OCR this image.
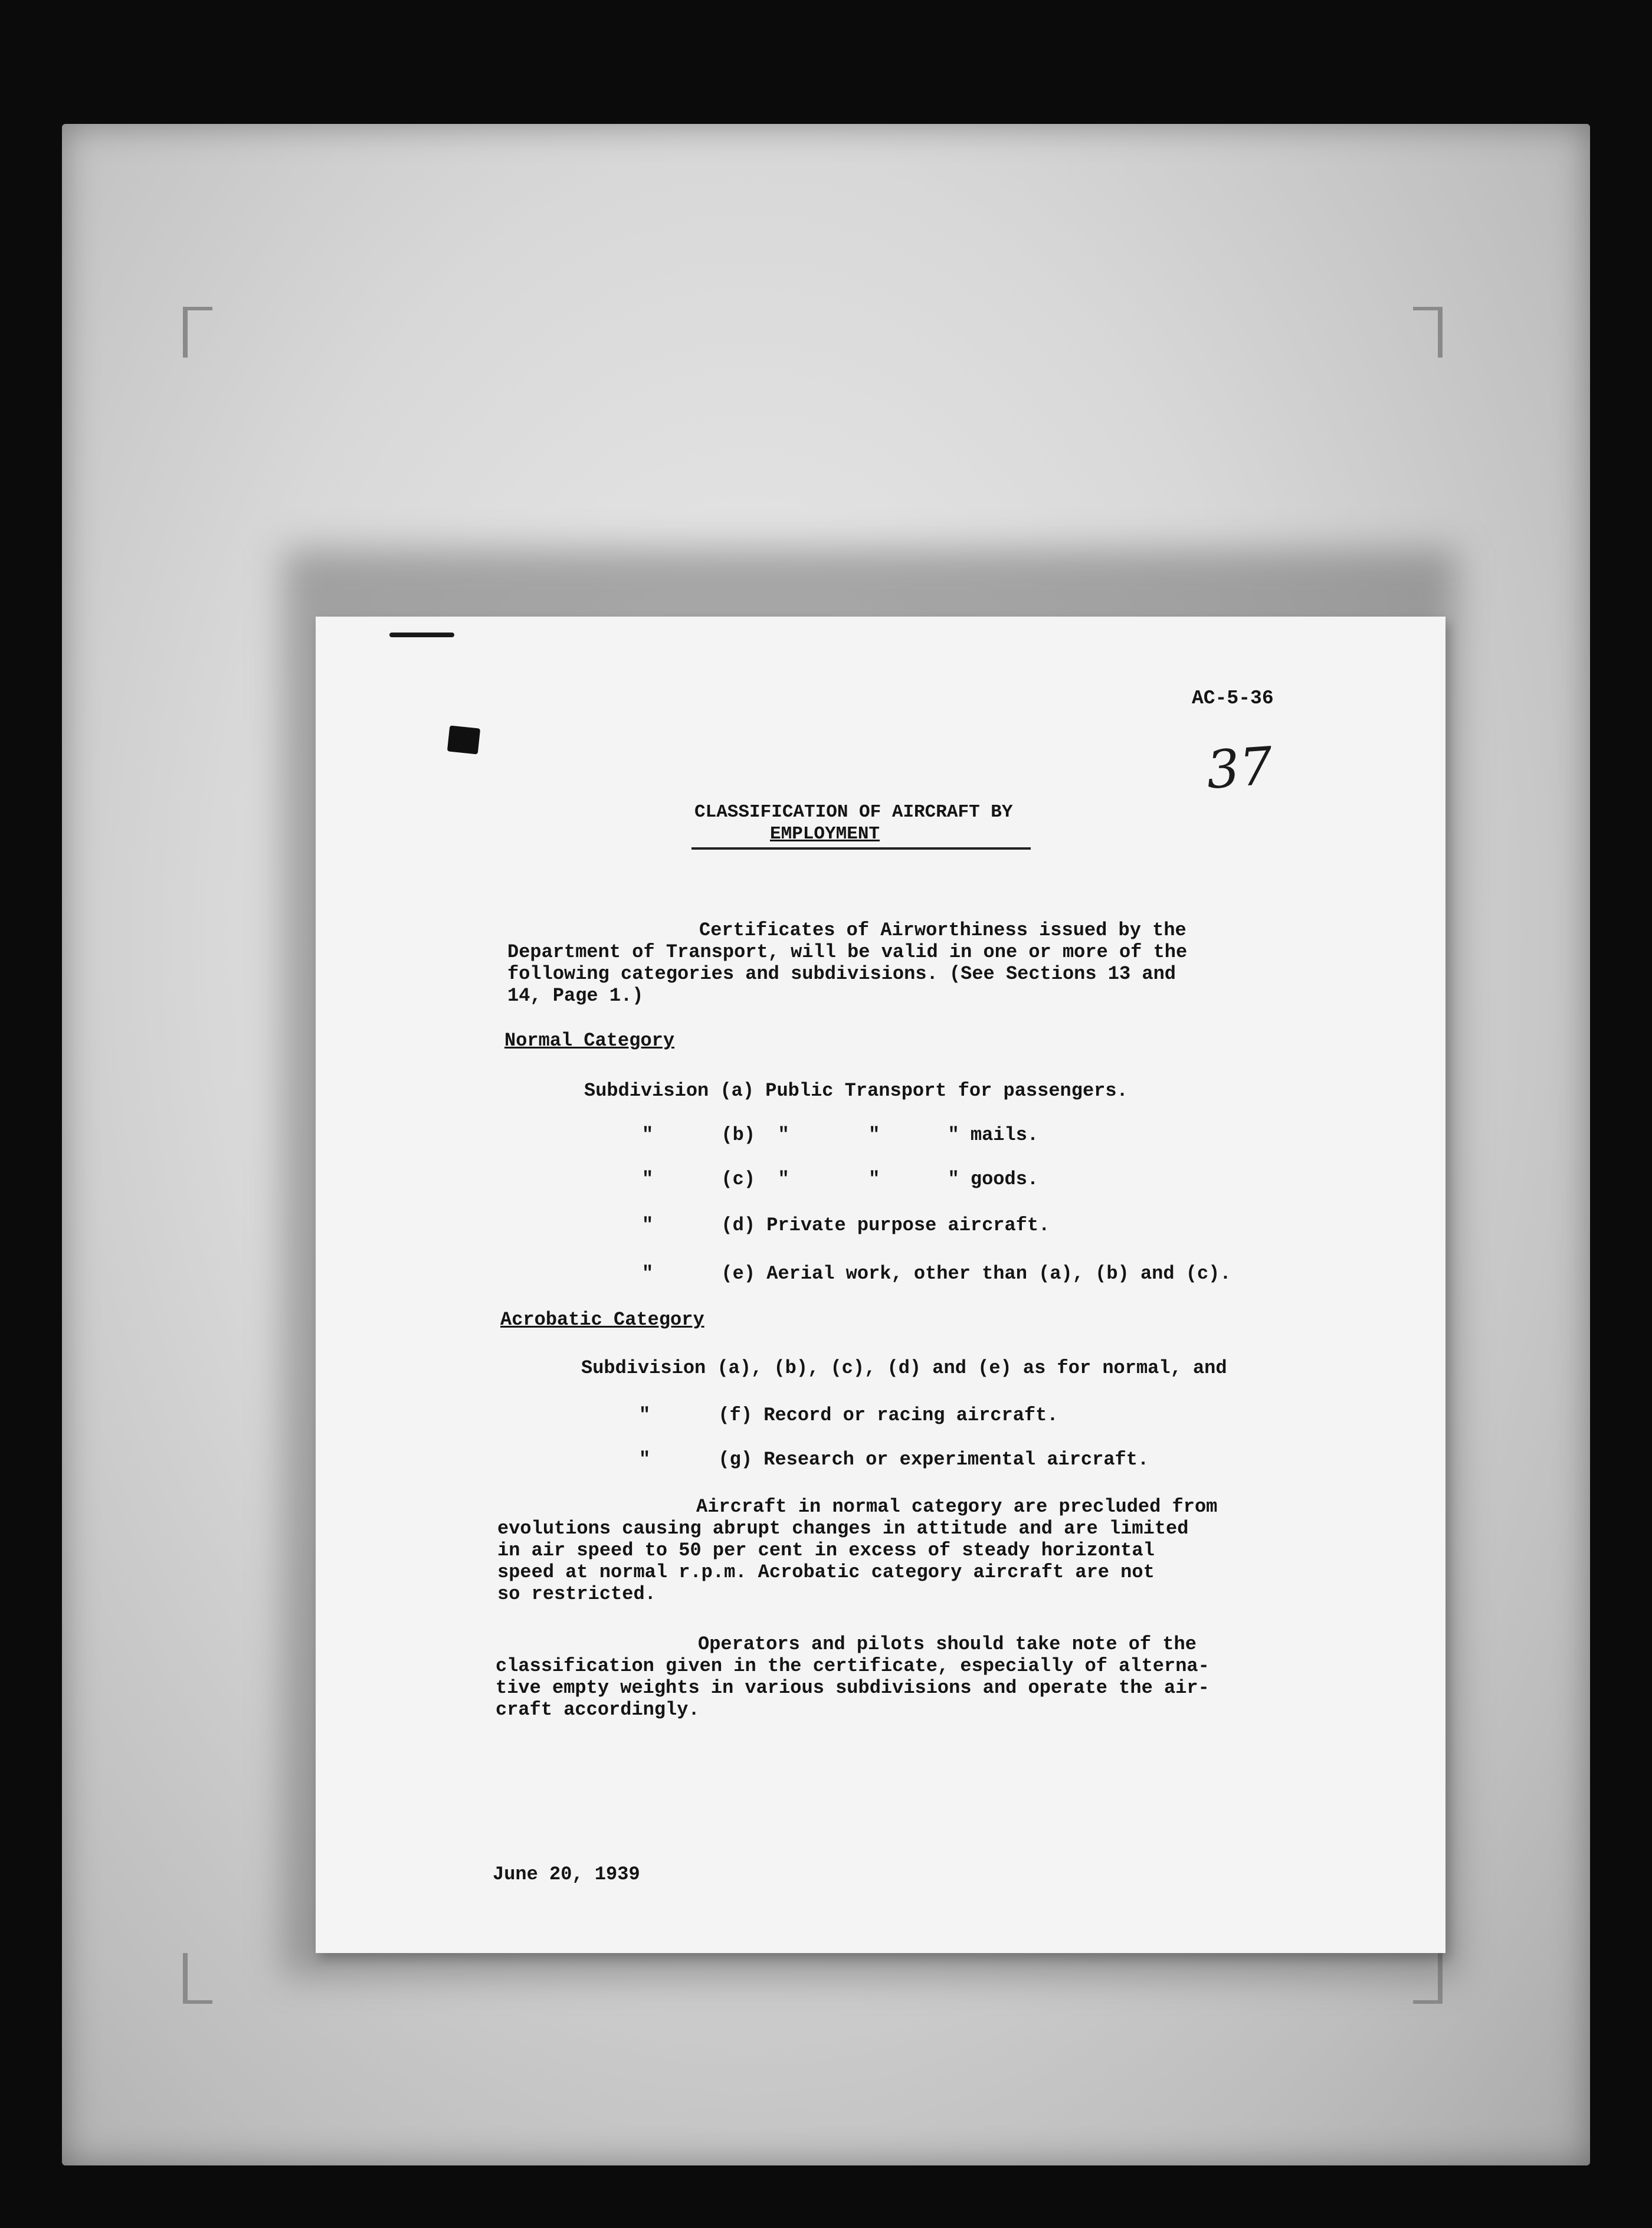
AC-5-36
37
CLASSIFICATION OF AIRCRAFT BY
EMPLOYMENT
Certificates of Airworthiness issued by the
Department of Transport, will be valid in one or more of the
following categories and subdivisions. (See Sections 13 and
14, Page 1.)
Normal Category
Subdivision (a) Public Transport for passengers.
"      (b)  "       "      " mails.
"      (c)  "       "      " goods.
"      (d) Private purpose aircraft.
"      (e) Aerial work, other than (a), (b) and (c).
Acrobatic Category
Subdivision (a), (b), (c), (d) and (e) as for normal, and
"      (f) Record or racing aircraft.
"      (g) Research or experimental aircraft.
Aircraft in normal category are precluded from
evolutions causing abrupt changes in attitude and are limited
in air speed to 50 per cent in excess of steady horizontal
speed at normal r.p.m. Acrobatic category aircraft are not
so restricted.
Operators and pilots should take note of the
classification given in the certificate, especially of alterna-
tive empty weights in various subdivisions and operate the air-
craft accordingly.
June 20, 1939
